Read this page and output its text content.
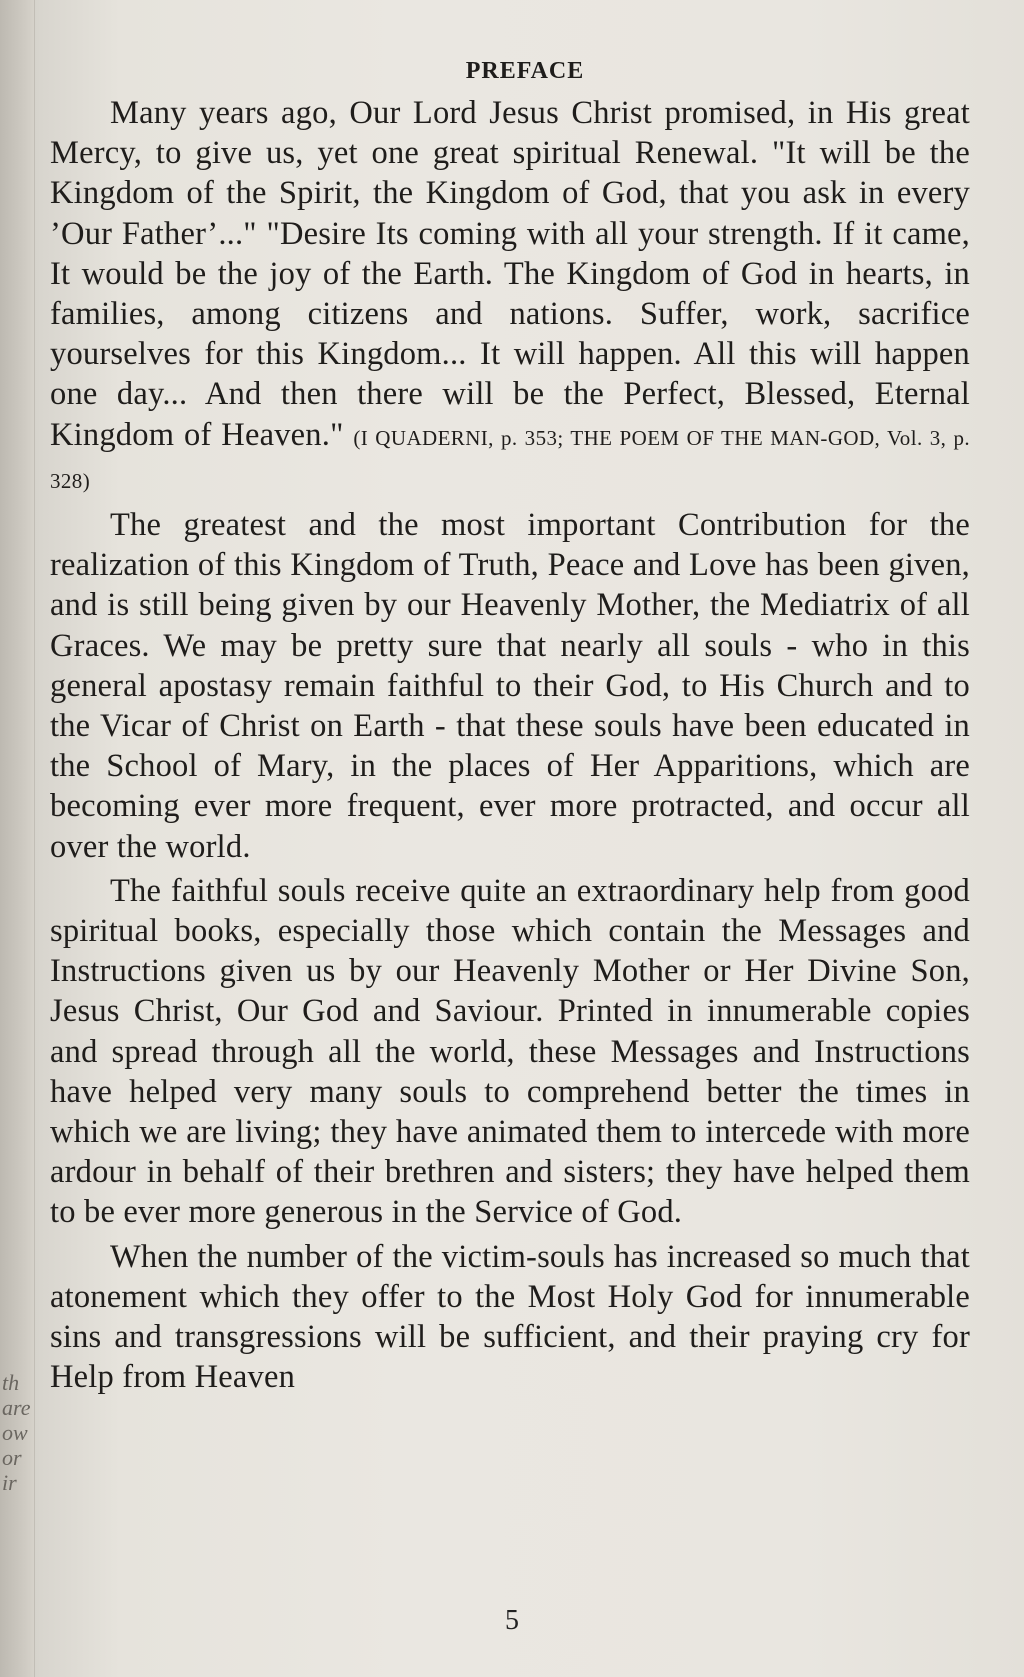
th
are
ow
or
ir
PREFACE

Many years ago, Our Lord Jesus Christ promised, in His great Mercy, to give us, yet one great spiritual Renewal. "It will be the Kingdom of the Spirit, the Kingdom of God, that you ask in every ’Our Father’..." "Desire Its coming with all your strength. If it came, It would be the joy of the Earth. The Kingdom of God in hearts, in families, among citizens and nations. Suffer, work, sacrifice yourselves for this Kingdom... It will happen. All this will happen one day... And then there will be the Perfect, Blessed, Eternal Kingdom of Heaven." (I QUADERNI, p. 353; THE POEM OF THE MAN-GOD, Vol. 3, p. 328)

The greatest and the most important Contribution for the realization of this Kingdom of Truth, Peace and Love has been given, and is still being given by our Heavenly Mother, the Mediatrix of all Graces. We may be pretty sure that nearly all souls - who in this general apostasy remain faithful to their God, to His Church and to the Vicar of Christ on Earth - that these souls have been educated in the School of Mary, in the places of Her Apparitions, which are becoming ever more frequent, ever more protracted, and occur all over the world.

The faithful souls receive quite an extraordinary help from good spiritual books, especially those which contain the Messages and Instructions given us by our Heavenly Mother or Her Divine Son, Jesus Christ, Our God and Saviour. Printed in innumerable copies and spread through all the world, these Messages and Instructions have helped very many souls to comprehend better the times in which we are living; they have animated them to intercede with more ardour in behalf of their brethren and sisters; they have helped them to be ever more generous in the Service of God.

When the number of the victim-souls has increased so much that atonement which they offer to the Most Holy God for innumerable sins and transgressions will be sufficient, and their praying cry for Help from Heaven

5
